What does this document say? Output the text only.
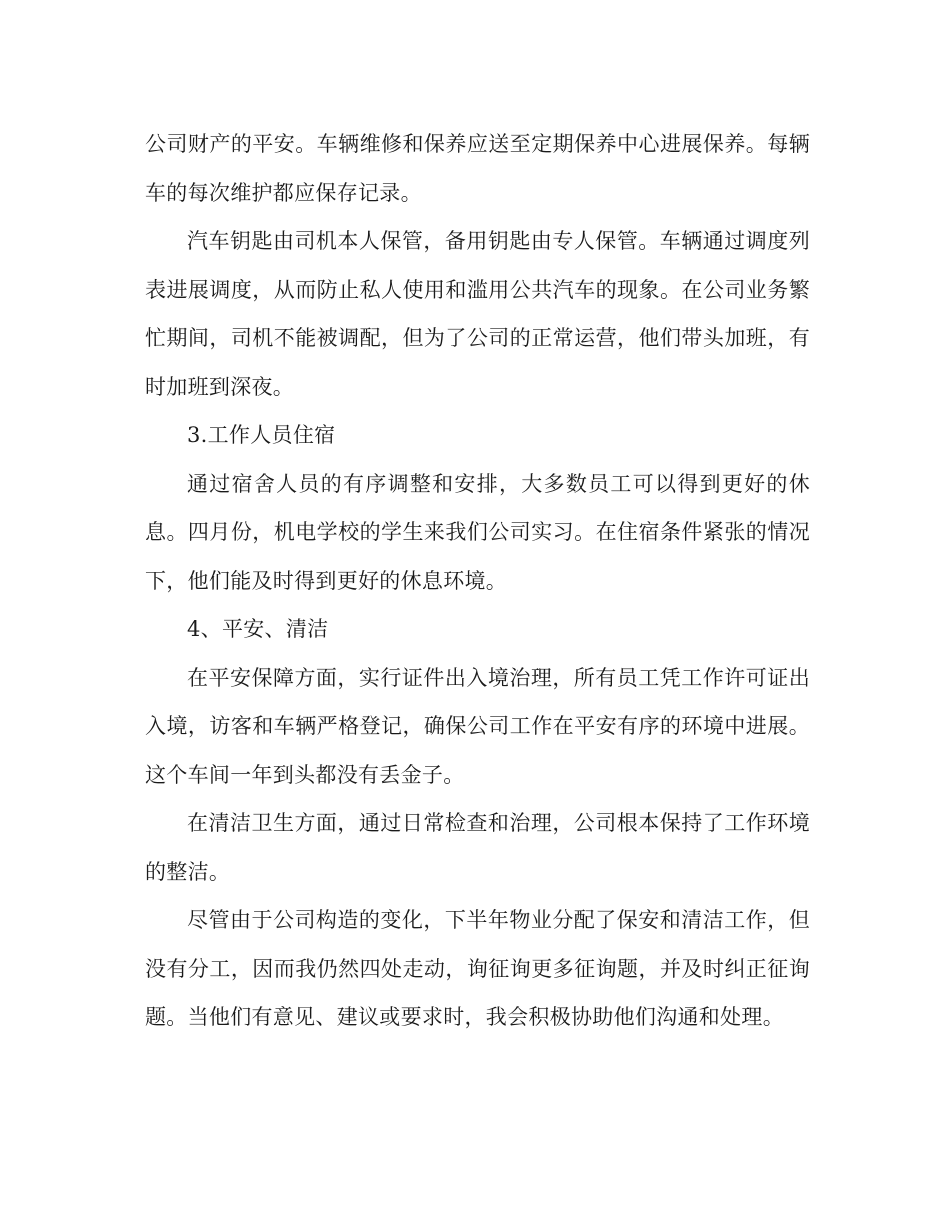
公司财产的平安。车辆维修和保养应送至定期保养中心进展保养。每辆车的每次维护都应保存记录。

汽车钥匙由司机本人保管，备用钥匙由专人保管。车辆通过调度列表进展调度，从而防止私人使用和滥用公共汽车的现象。在公司业务繁忙期间，司机不能被调配，但为了公司的正常运营，他们带头加班，有时加班到深夜。

3.工作人员住宿

通过宿舍人员的有序调整和安排，大多数员工可以得到更好的休息。四月份，机电学校的学生来我们公司实习。在住宿条件紧张的情况下，他们能及时得到更好的休息环境。

4、平安、清洁

在平安保障方面，实行证件出入境治理，所有员工凭工作许可证出入境，访客和车辆严格登记，确保公司工作在平安有序的环境中进展。这个车间一年到头都没有丢金子。

在清洁卫生方面，通过日常检查和治理，公司根本保持了工作环境的整洁。

尽管由于公司构造的变化，下半年物业分配了保安和清洁工作，但没有分工，因而我仍然四处走动，询征询更多征询题，并及时纠正征询题。当他们有意见、建议或要求时，我会积极协助他们沟通和处理。
